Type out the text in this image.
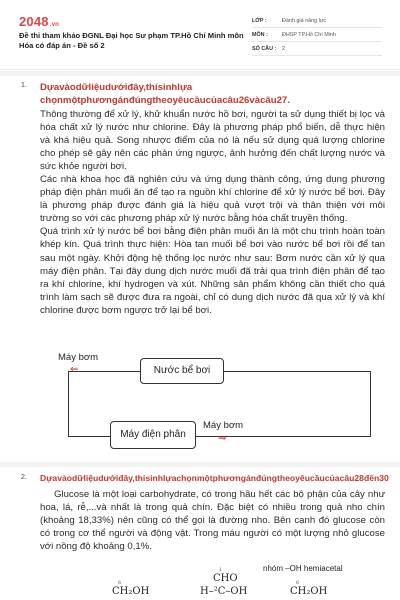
2048.vn
Đề thi tham khảo ĐGNL Đại học Sư phạm TP.Hồ Chí Minh môn Hóa có đáp án - Đề số 2
LỚP :	Đánh giá năng lực
MÔN :	ĐHSP TP.Hồ Chí Minh
SỐ CÂU :	2
1. Dựavàodữliệudướiđây,thísinhlựa
chọnmộtphươngánđúngtheoyêucầucủacâu26vàcâu27.

Thông thường để xử lý, khử khuẩn nước hồ bơi, người ta sử dụng thiết bị lọc và hóa chất xử lý nước như chlorine. Đây là phương pháp phổ biến, dễ thực hiện và khá hiệu quả. Song nhược điểm của nó là nếu sử dụng quá lượng chlorine cho phép sẽ gây nên các phản ứng ngược, ảnh hưởng đến chất lượng nước và sức khỏe người bơi.

Các nhà khoa học đã nghiên cứu và ứng dụng thành công, ứng dụng phương pháp điện phân muối ăn để tạo ra nguồn khí chlorine để xử lý nước bể bơi. Đây là phương pháp được đánh giá là hiệu quả vượt trội và thân thiện với môi trường so với các phương pháp xử lý nước bằng hóa chất truyền thống.

Quá trình xử lý nước bể bơi bằng điện phân muối ăn là một chu trình hoàn toàn khép kín. Quá trình thực hiện: Hòa tan muối bể bơi vào nước bể bơi rồi để tan sau một ngày. Khởi động hệ thống lọc nước như sau: Bơm nước cần xử lý qua máy điện phân. Tại đây dung dịch nước muối đã trải qua trình điện phân để tạo ra khí chlorine, khí hydrogen và xút. Những sản phẩm không cần thiết cho quá trình làm sạch sẽ được đưa ra ngoài, chỉ có dung dịch nước đã qua xử lý và khí chlorine được bơm ngược trở lại bể bơi.

Máy bơm
⇐	Nước bể bơi
Máy điện phân
Máy bơm
⇒
2. Dựavàodữliệudướiđây,thísinhlựachọnmộtphươngánđúngtheoyêucầucủacâu28đến30
Glucose là một loại carbohydrate, có trong hầu hết các bộ phận của cây như hoa, lá, rễ,...và nhất là trong quả chín. Đặc biệt có nhiều trong quả nho chín (khoảng 18,33%) nên cũng có thể gọi là đường nho. Bên cạnh đó glucose còn có trong cơ thể người và động vật. Trong máu người có một lượng nhỏ glucose với nồng độ khoảng 0,1%.
nhóm –OH hemiacetal
6
CH₂OH
1
CHO
H–²C–OH
6
CH₂OH
